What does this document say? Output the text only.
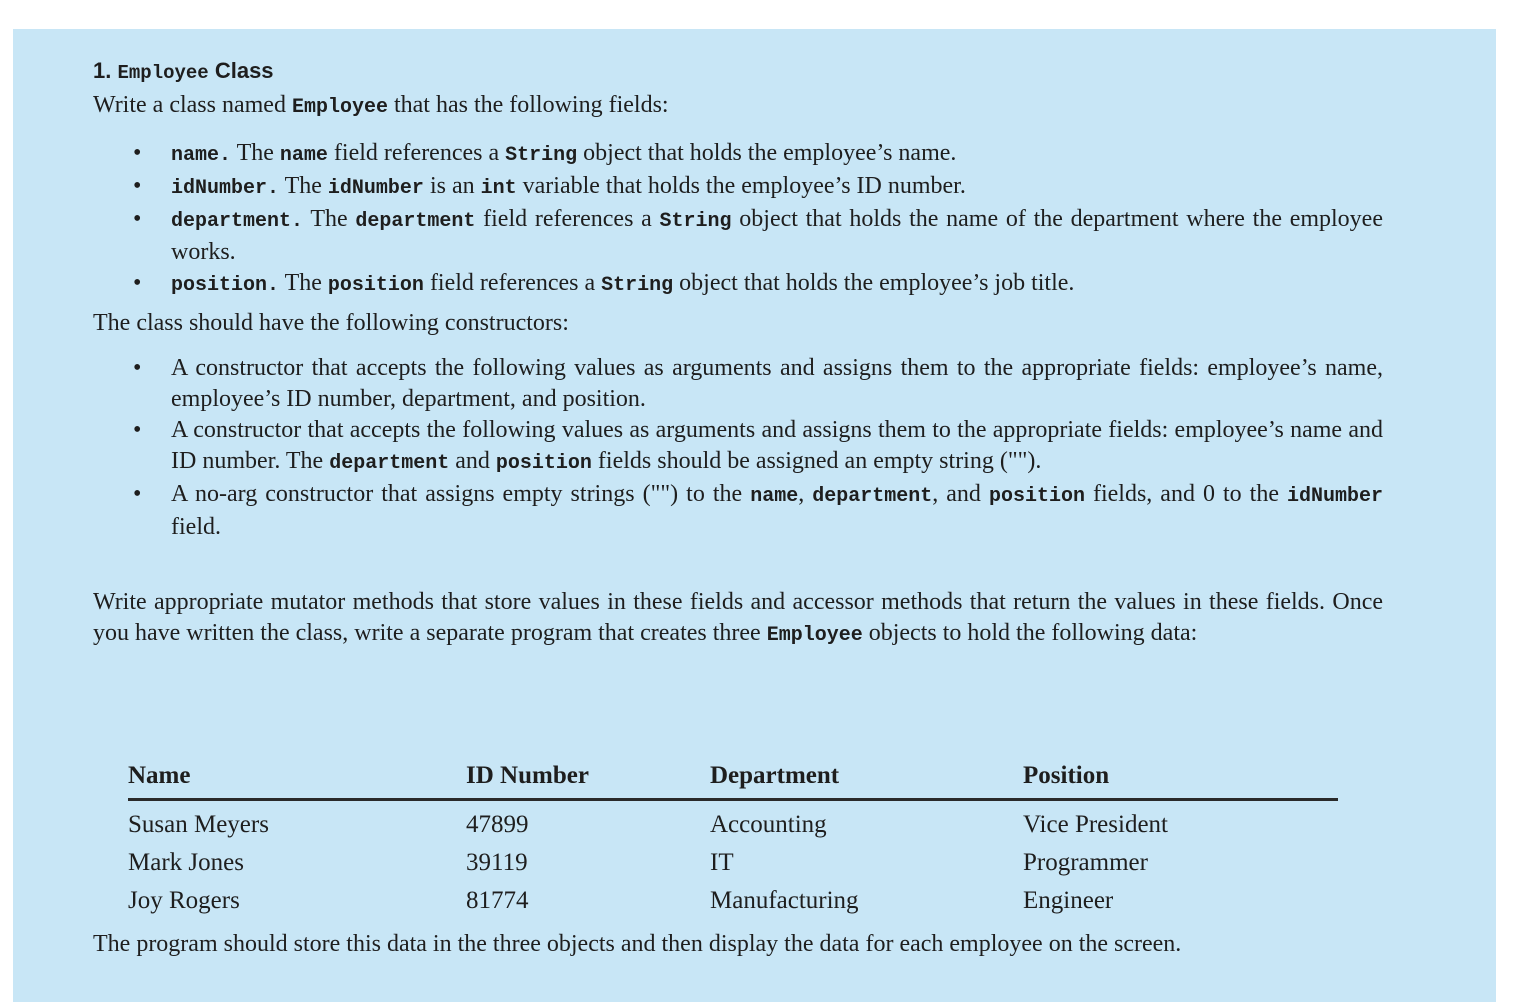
1. Employee Class

Write a class named Employee that has the following fields:

• name. The name field references a String object that holds the employee’s name.
• idNumber. The idNumber is an int variable that holds the employee’s ID number.
• department. The department field references a String object that holds the name of the department where the employee works.
• position. The position field references a String object that holds the employee’s job title.

The class should have the following constructors:

• A constructor that accepts the following values as arguments and assigns them to the appropriate fields: employee’s name, employee’s ID number, department, and position.
• A constructor that accepts the following values as arguments and assigns them to the appropriate fields: employee’s name and ID number. The department and position fields should be assigned an empty string ("").
• A no-arg constructor that assigns empty strings ("") to the name, department, and position fields, and 0 to the idNumber field.

Write appropriate mutator methods that store values in these fields and accessor methods that return the values in these fields. Once you have written the class, write a separate program that creates three Employee objects to hold the following data:

Name	ID Number	Department	Position
Susan Meyers	47899	Accounting	Vice President
Mark Jones	39119	IT	Programmer
Joy Rogers	81774	Manufacturing	Engineer

The program should store this data in the three objects and then display the data for each employee on the screen.
